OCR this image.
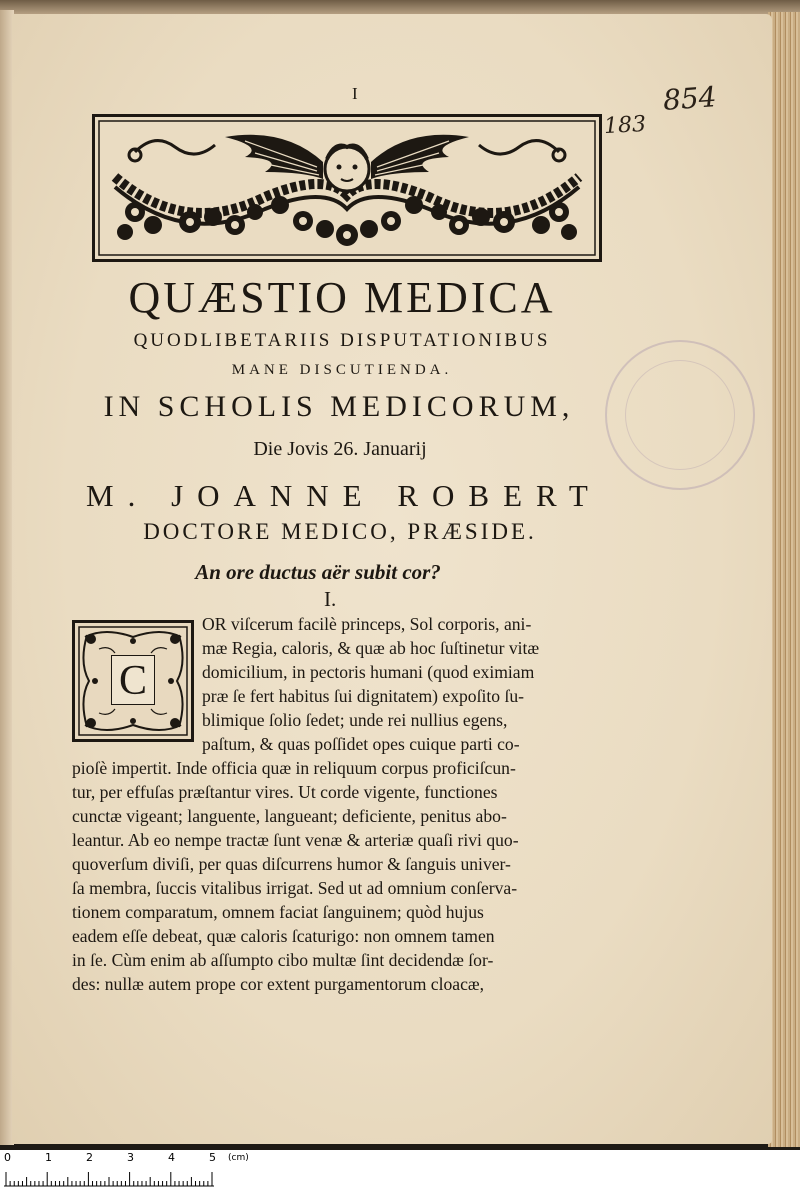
I	854
183
QUÆSTIO MEDICA
QUODLIBETARIIS DISPUTATIONIBUS
MANE DISCUTIENDA.
IN SCHOLIS MEDICORUM,
Die Jovis 26. Januarij
M. JOANNE ROBERT
DOCTORE MEDICO, PRÆSIDE.
An ore ductus aër subit cor?
I.
C
OR viſcerum facilè princeps, Sol corporis, ani-
mæ Regia, caloris, & quæ ab hoc ſuſtinetur vitæ
domicilium, in pectoris humani (quod eximiam
præ ſe fert habitus ſui dignitatem) expoſito ſu-
blimique ſolio ſedet; unde rei nullius egens,
paſtum, & quas poſſidet opes cuique parti co-
pioſè impertit. Inde officia quæ in reliquum corpus proficiſcun-
tur, per effuſas præſtantur vires. Ut corde vigente, functiones
cunctæ vigeant; languente, langueant; deficiente, penitus abo-
leantur. Ab eo nempe tractæ ſunt venæ & arteriæ quaſi rivi quo-
quoverſum diviſi, per quas diſcurrens humor & ſanguis univer-
ſa membra, ſuccis vitalibus irrigat. Sed ut ad omnium conſerva-
tionem comparatum, omnem faciat ſanguinem; quòd hujus
eadem eſſe debeat, quæ caloris ſcaturigo: non omnem tamen
in ſe. Cùm enim ab aſſumpto cibo multæ ſint decidendæ ſor-
des: nullæ autem prope cor extent purgamentorum cloacæ,
0	1	2	3	4	5 (cm)
